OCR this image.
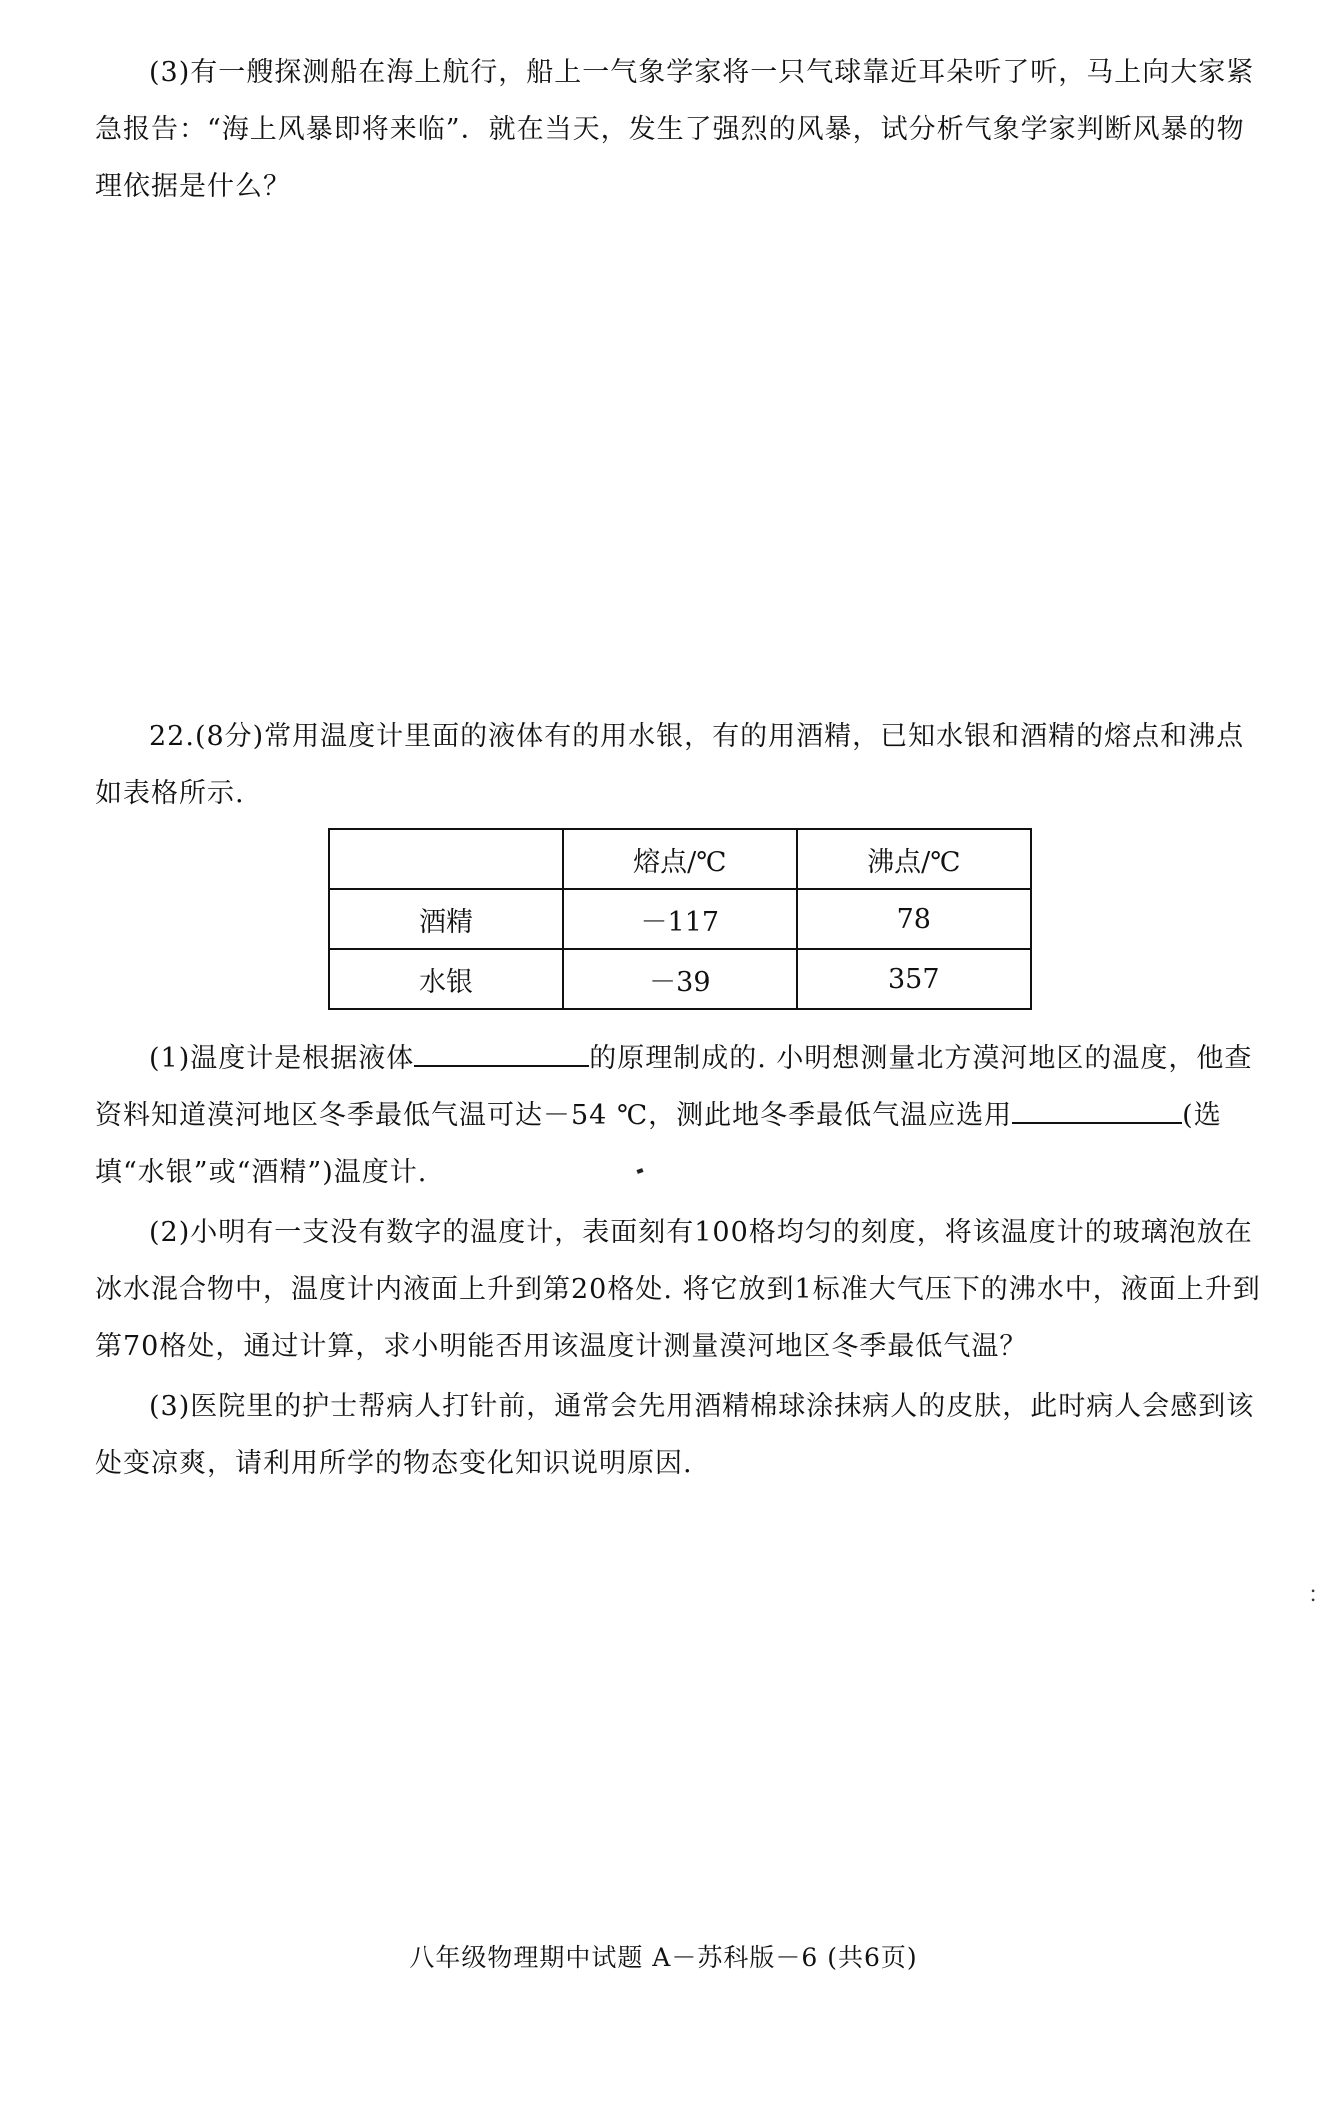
(3)有一艘探测船在海上航行，船上一气象学家将一只气球靠近耳朵听了听，马上向大家紧急报告：“海上风暴即将来临”．就在当天，发生了强烈的风暴，试分析气象学家判断风暴的物理依据是什么？

22.(8分)常用温度计里面的液体有的用水银，有的用酒精，已知水银和酒精的熔点和沸点如表格所示.

	熔点/℃	沸点/℃
酒精	－117	78
水银	－39	357

(1)温度计是根据液体	的原理制成的. 小明想测量北方漠河地区的温度，他查资料知道漠河地区冬季最低气温可达－54 ℃，测此地冬季最低气温应选用	(选填“水银”或“酒精”)温度计.

(2)小明有一支没有数字的温度计，表面刻有100格均匀的刻度，将该温度计的玻璃泡放在冰水混合物中，温度计内液面上升到第20格处. 将它放到1标准大气压下的沸水中，液面上升到第70格处，通过计算，求小明能否用该温度计测量漠河地区冬季最低气温？

(3)医院里的护士帮病人打针前，通常会先用酒精棉球涂抹病人的皮肤，此时病人会感到该处变凉爽，请利用所学的物态变化知识说明原因.

：
八年级物理期中试题 A－苏科版－6 (共6页)
